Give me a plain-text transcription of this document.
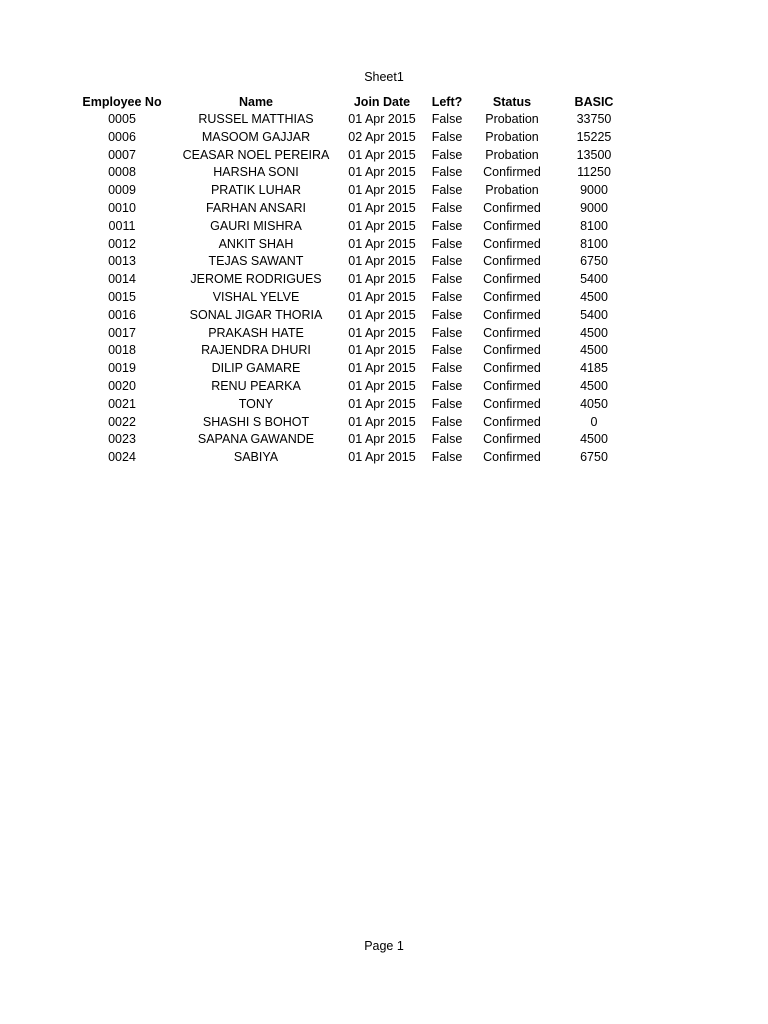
Sheet1
Employee No	Name	Join Date	Left?	Status	BASIC
0005	RUSSEL MATTHIAS	01 Apr 2015	False	Probation	33750
0006	MASOOM GAJJAR	02 Apr 2015	False	Probation	15225
0007	CEASAR NOEL PEREIRA	01 Apr 2015	False	Probation	13500
0008	HARSHA SONI	01 Apr 2015	False	Confirmed	11250
0009	PRATIK LUHAR	01 Apr 2015	False	Probation	9000
0010	FARHAN ANSARI	01 Apr 2015	False	Confirmed	9000
0011	GAURI MISHRA	01 Apr 2015	False	Confirmed	8100
0012	ANKIT SHAH	01 Apr 2015	False	Confirmed	8100
0013	TEJAS SAWANT	01 Apr 2015	False	Confirmed	6750
0014	JEROME RODRIGUES	01 Apr 2015	False	Confirmed	5400
0015	VISHAL YELVE	01 Apr 2015	False	Confirmed	4500
0016	SONAL JIGAR THORIA	01 Apr 2015	False	Confirmed	5400
0017	PRAKASH HATE	01 Apr 2015	False	Confirmed	4500
0018	RAJENDRA DHURI	01 Apr 2015	False	Confirmed	4500
0019	DILIP GAMARE	01 Apr 2015	False	Confirmed	4185
0020	RENU PEARKA	01 Apr 2015	False	Confirmed	4500
0021	TONY	01 Apr 2015	False	Confirmed	4050
0022	SHASHI S BOHOT	01 Apr 2015	False	Confirmed	0
0023	SAPANA GAWANDE	01 Apr 2015	False	Confirmed	4500
0024	SABIYA	01 Apr 2015	False	Confirmed	6750
Page 1
